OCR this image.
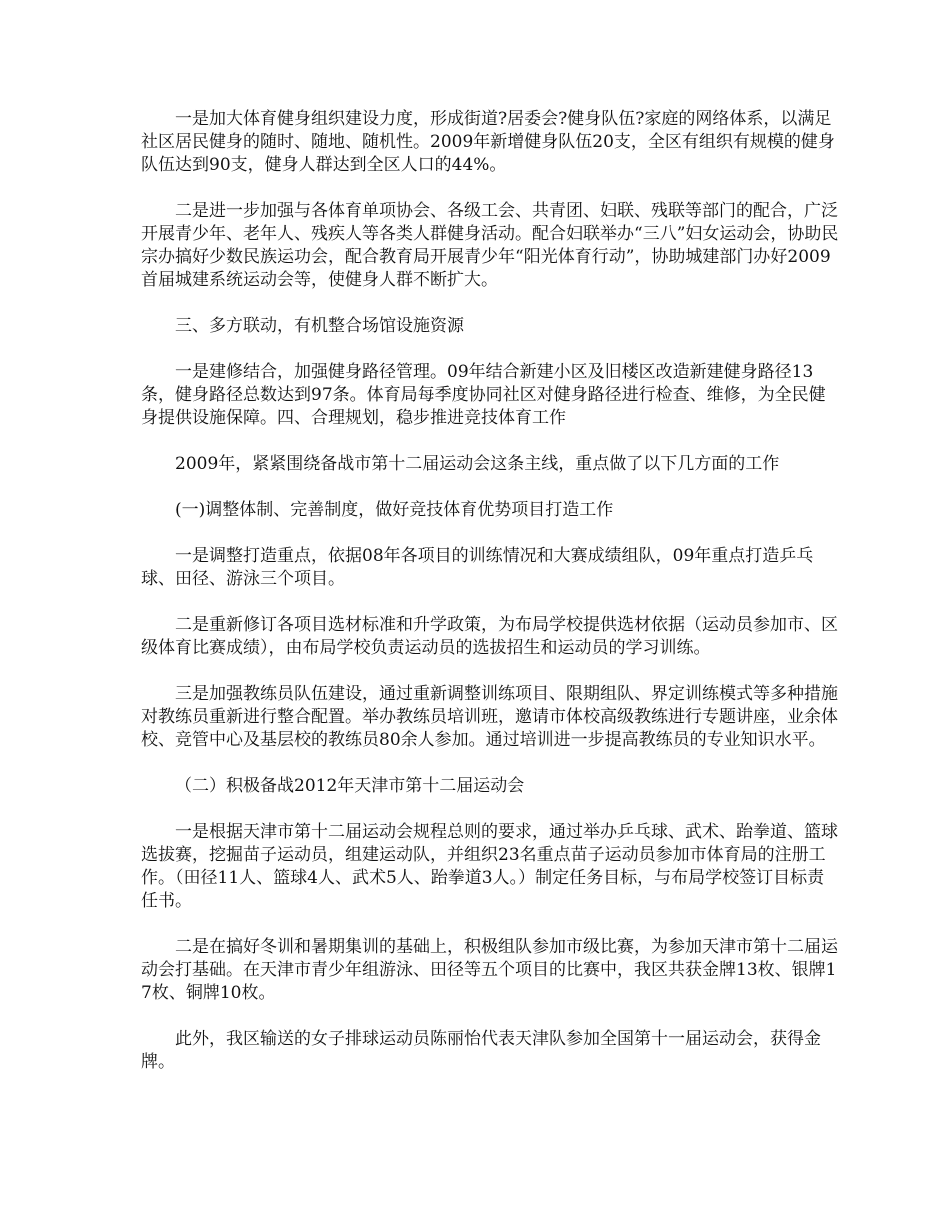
一是加大体育健身组织建设力度，形成街道?居委会?健身队伍?家庭的网络体系，以满足社区居民健身的随时、随地、随机性。2009年新增健身队伍20支，全区有组织有规模的健身队伍达到90支，健身人群达到全区人口的44%。

二是进一步加强与各体育单项协会、各级工会、共青团、妇联、残联等部门的配合，广泛开展青少年、老年人、残疾人等各类人群健身活动。配合妇联举办“三八”妇女运动会，协助民宗办搞好少数民族运功会，配合教育局开展青少年“阳光体育行动”，协助城建部门办好2009首届城建系统运动会等，使健身人群不断扩大。

三、多方联动，有机整合场馆设施资源

一是建修结合，加强健身路径管理。09年结合新建小区及旧楼区改造新建健身路径13条，健身路径总数达到97条。体育局每季度协同社区对健身路径进行检查、维修，为全民健身提供设施保障。四、合理规划，稳步推进竞技体育工作

2009年，紧紧围绕备战市第十二届运动会这条主线，重点做了以下几方面的工作

(一)调整体制、完善制度，做好竞技体育优势项目打造工作

一是调整打造重点，依据08年各项目的训练情况和大赛成绩组队，09年重点打造乒乓球、田径、游泳三个项目。

二是重新修订各项目选材标准和升学政策，为布局学校提供选材依据（运动员参加市、区级体育比赛成绩），由布局学校负责运动员的选拔招生和运动员的学习训练。

三是加强教练员队伍建设，通过重新调整训练项目、限期组队、界定训练模式等多种措施对教练员重新进行整合配置。举办教练员培训班，邀请市体校高级教练进行专题讲座，业余体校、竞管中心及基层校的教练员80余人参加。通过培训进一步提高教练员的专业知识水平。

（二）积极备战2012年天津市第十二届运动会

一是根据天津市第十二届运动会规程总则的要求，通过举办乒乓球、武术、跆拳道、篮球选拔赛，挖掘苗子运动员，组建运动队，并组织23名重点苗子运动员参加市体育局的注册工作。（田径11人、篮球4人、武术5人、跆拳道3人。）制定任务目标，与布局学校签订目标责任书。

二是在搞好冬训和暑期集训的基础上，积极组队参加市级比赛，为参加天津市第十二届运动会打基础。在天津市青少年组游泳、田径等五个项目的比赛中，我区共获金牌13枚、银牌17枚、铜牌10枚。

此外，我区输送的女子排球运动员陈丽怡代表天津队参加全国第十一届运动会，获得金牌。
